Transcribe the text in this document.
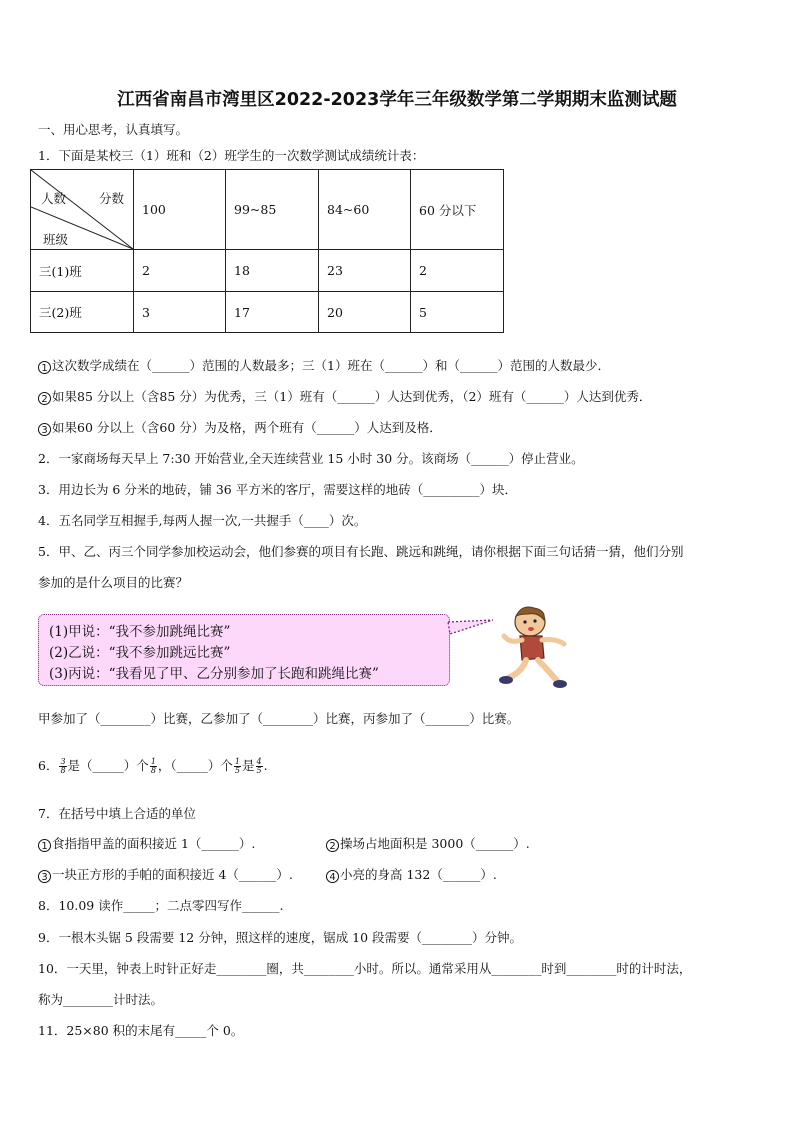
江西省南昌市湾里区2022-2023学年三年级数学第二学期期末监测试题
一、用心思考，认真填写。
1．下面是某校三（1）班和（2）班学生的一次数学测试成绩统计表：
人数 分数
班级	100	99~85	84~60	60 分以下
三(1)班	2	18	23	2
三(2)班	3	17	20	5
1 这次数学成绩在（______）范围的人数最多；三（1）班在（______）和（______）范围的人数最少．
2 如果85 分以上（含85 分）为优秀，三（1）班有（______）人达到优秀，（2）班有（______）人达到优秀．
3 如果60 分以上（含60 分）为及格，两个班有（______）人达到及格．
2．一家商场每天早上 7:30 开始营业,全天连续营业 15 小时 30 分。该商场（______）停止营业。
3．用边长为 6 分米的地砖，铺 36 平方米的客厅，需要这样的地砖（_________）块．
4．五名同学互相握手,每两人握一次,一共握手（____）次。
5．甲、乙、丙三个同学参加校运动会，他们参赛的项目有长跑、跳远和跳绳，请你根据下面三句话猜一猜，他们分别
参加的是什么项目的比赛？
(1)甲说：“我不参加跳绳比赛”
(2)乙说：“我不参加跳远比赛”
(3)丙说：“我看见了甲、乙分别参加了长跑和跳绳比赛”
甲参加了（________）比赛，乙参加了（________）比赛，丙参加了（_______）比赛。
6． $\frac{3}{8}$ 是（_____）个 $\frac{1}{8}$ ，（_____）个 $\frac{1}{5}$ 是 $\frac{4}{5}$ .
7．在括号中填上合适的单位
1 食指指甲盖的面积接近 1（______）.	2 操场占地面积是 3000（______）.
3 一块正方形的手帕的面积接近 4（______）.	4 小亮的身高 132（______）.
8．10.09 读作_____；二点零四写作______.
9．一根木头锯 5 段需要 12 分钟，照这样的速度，锯成 10 段需要（________）分钟。
10．一天里，钟表上时针正好走________圈，共________小时。所以。通常采用从________时到________时的计时法，
称为________计时法。
11．25×80 积的末尾有_____个 0。
